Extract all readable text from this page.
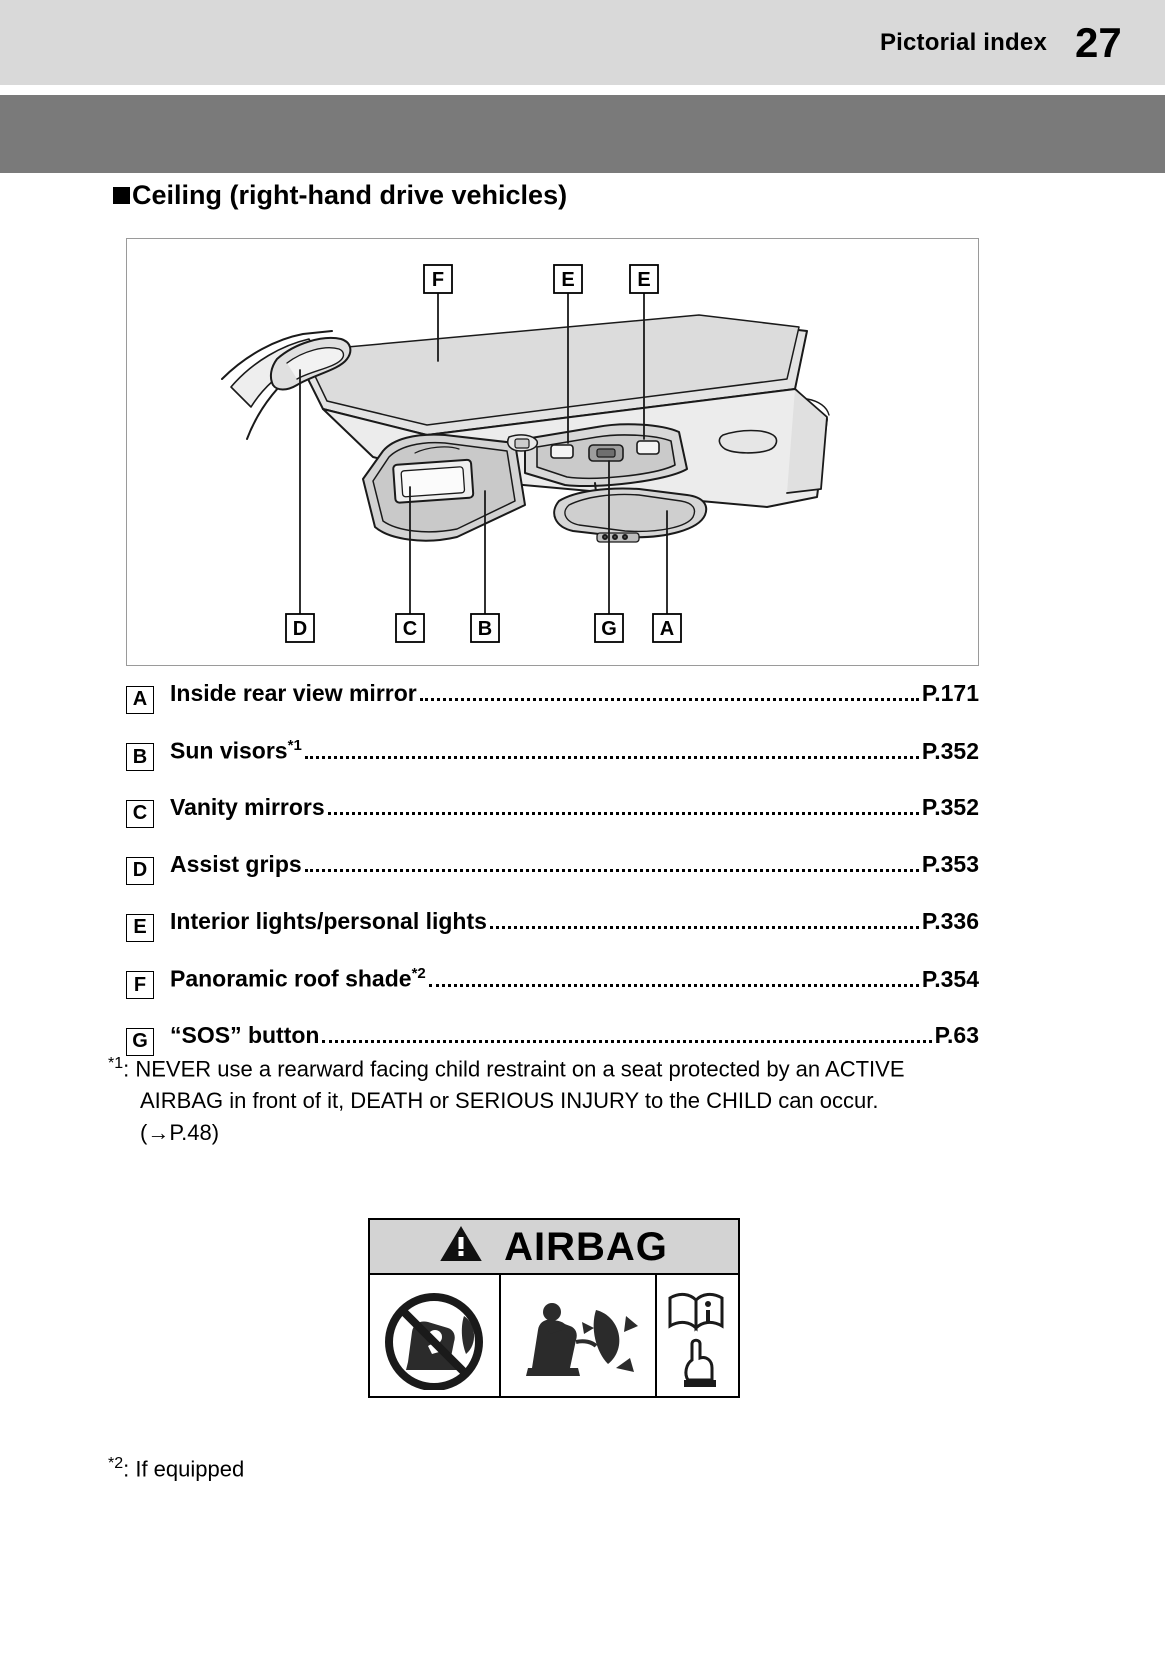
Pictorial index 27
Ceiling (right-hand drive vehicles)
F	E	E
D	C	B	G A
A Inside rear view mirror	P.171
B Sun visors$^{*1}$	P.352
C Vanity mirrors	P.352
D Assist grips	P.353
E	Interior lights/personal lights	P.336
F	Panoramic roof shade$^{*2}$	P.354
G “SOS” button	P.63
$^{*1}$: NEVER use a rearward facing child restraint on a seat protected by an ACTIVE
AIRBAG in front of it, DEATH or SERIOUS INJURY to the CHILD can occur.
(→P.48)
AIRBAG
$^{*2}$: If equipped
